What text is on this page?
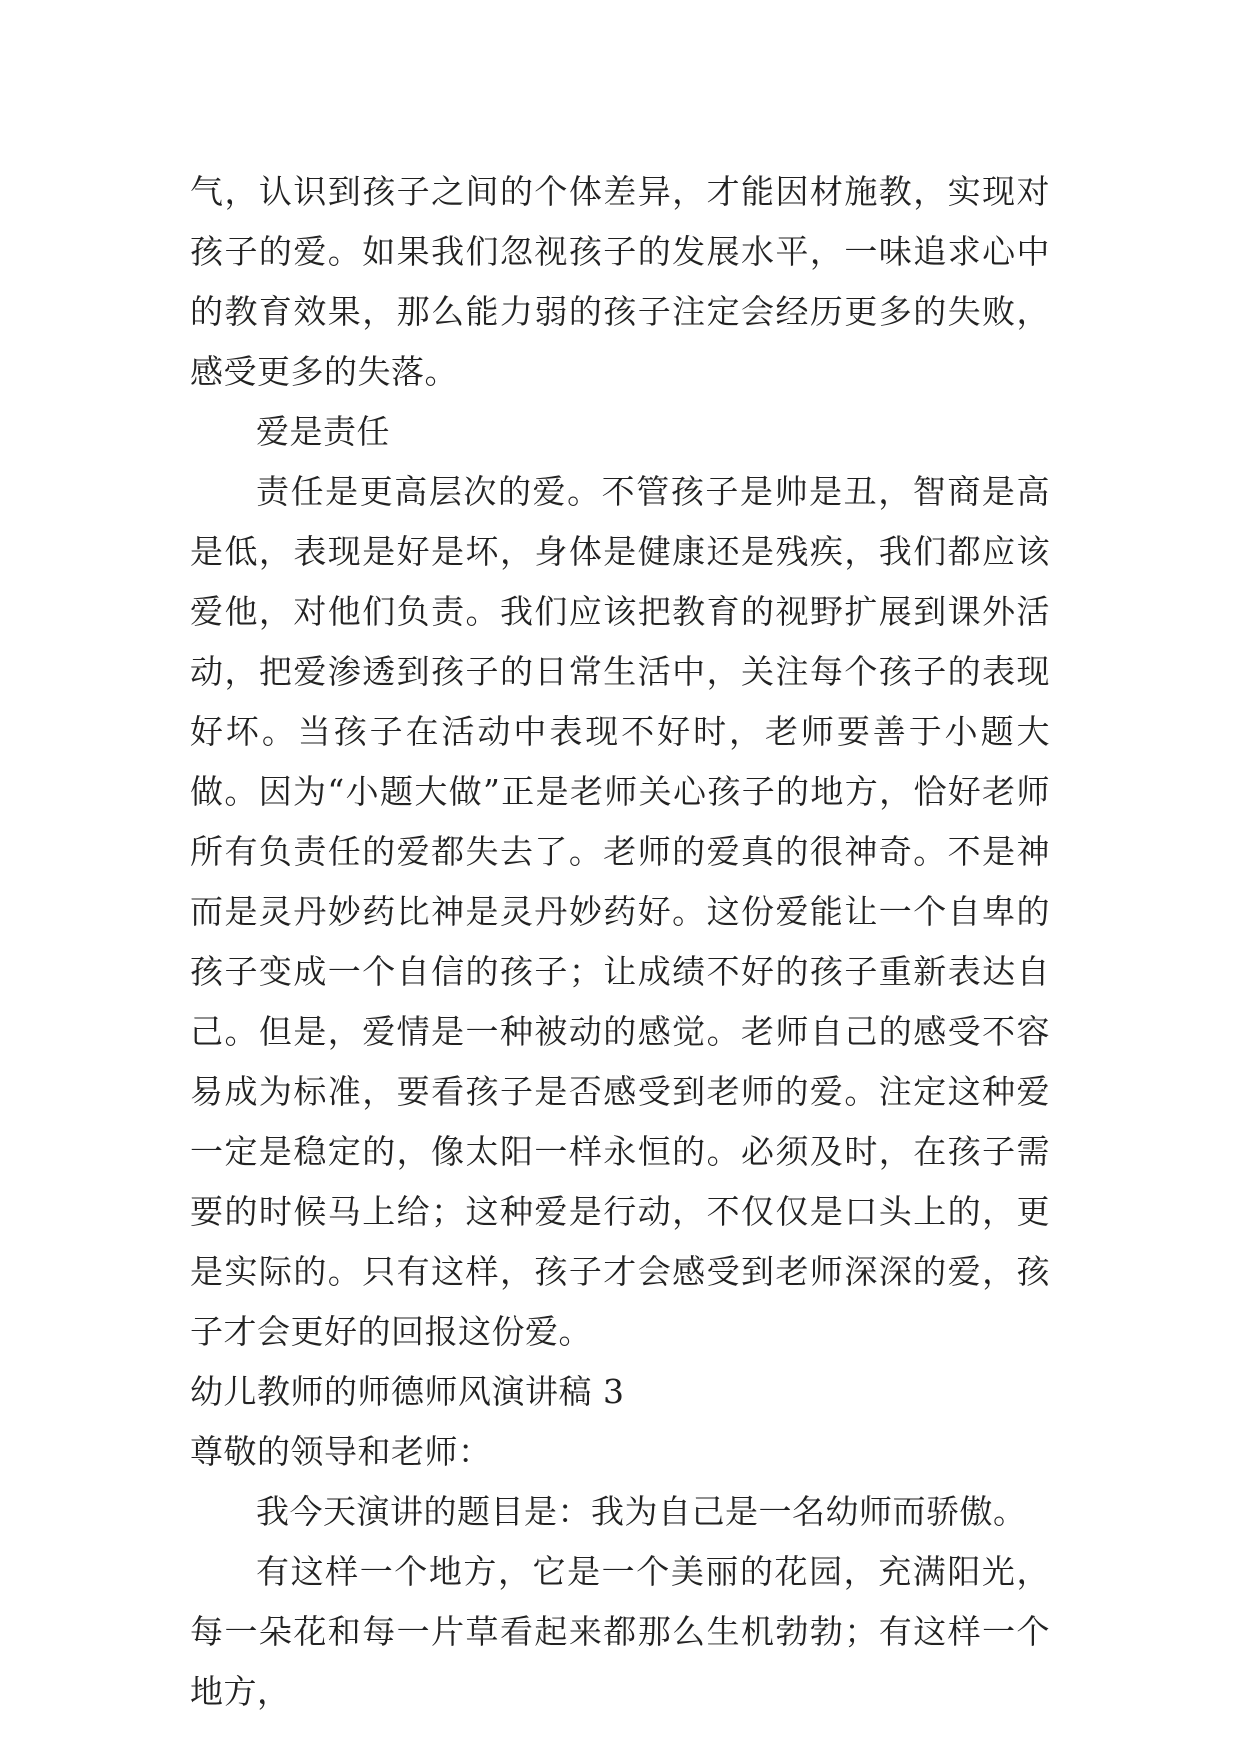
气，认识到孩子之间的个体差异，才能因材施教，实现对孩子的爱。如果我们忽视孩子的发展水平，一味追求心中的教育效果，那么能力弱的孩子注定会经历更多的失败，感受更多的失落。

爱是责任

责任是更高层次的爱。不管孩子是帅是丑，智商是高是低，表现是好是坏，身体是健康还是残疾，我们都应该爱他，对他们负责。我们应该把教育的视野扩展到课外活动，把爱渗透到孩子的日常生活中，关注每个孩子的表现好坏。当孩子在活动中表现不好时，老师要善于小题大做。因为“小题大做”正是老师关心孩子的地方，恰好老师所有负责任的爱都失去了。老师的爱真的很神奇。不是神而是灵丹妙药比神是灵丹妙药好。这份爱能让一个自卑的孩子变成一个自信的孩子；让成绩不好的孩子重新表达自己。但是，爱情是一种被动的感觉。老师自己的感受不容易成为标准，要看孩子是否感受到老师的爱。注定这种爱一定是稳定的，像太阳一样永恒的。必须及时，在孩子需要的时候马上给；这种爱是行动，不仅仅是口头上的，更是实际的。只有这样，孩子才会感受到老师深深的爱，孩子才会更好的回报这份爱。

幼儿教师的师德师风演讲稿 3

尊敬的领导和老师：

我今天演讲的题目是：我为自己是一名幼师而骄傲。

有这样一个地方，它是一个美丽的花园，充满阳光，每一朵花和每一片草看起来都那么生机勃勃；有这样一个地方，
